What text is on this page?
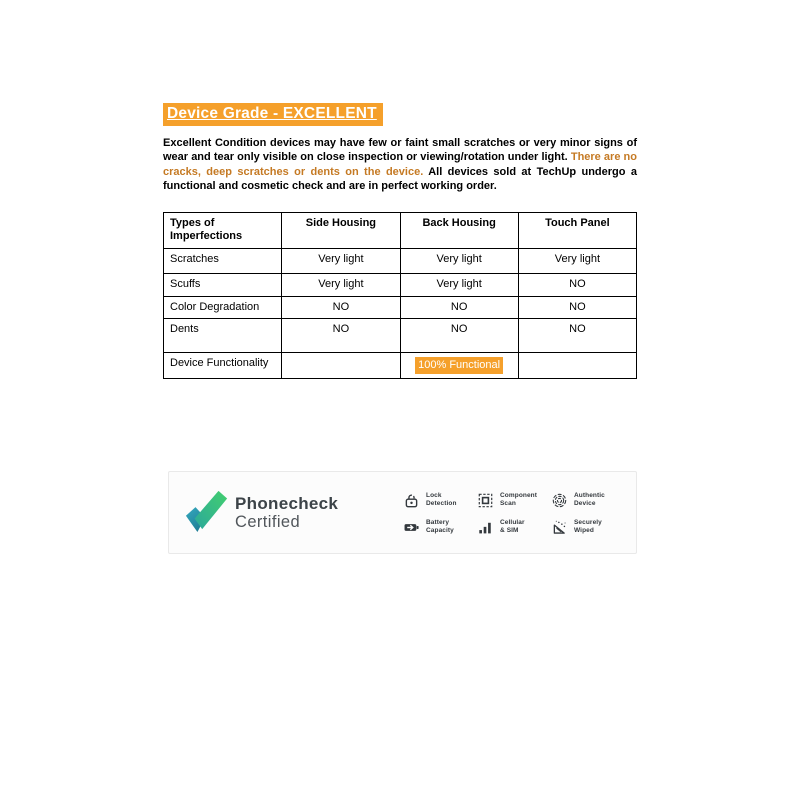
Device Grade - EXCELLENT

Excellent Condition devices may have few or faint small scratches or very minor signs of wear and tear only visible on close inspection or viewing/rotation under light. There are no cracks, deep scratches or dents on the device. All devices sold at TechUp undergo a functional and cosmetic check and are in perfect working order.

Types of Imperfections	Side Housing	Back Housing	Touch Panel
Scratches	Very light	Very light	Very light
Scuffs	Very light	Very light	NO
Color Degradation	NO	NO	NO
Dents	NO	NO	NO
Device Functionality		100% Functional	
Phonecheck
Certified
Lock
Detection
Component
Scan
Authentic
Device
Battery
Capacity
Cellular
& SIM
Securely
Wiped
